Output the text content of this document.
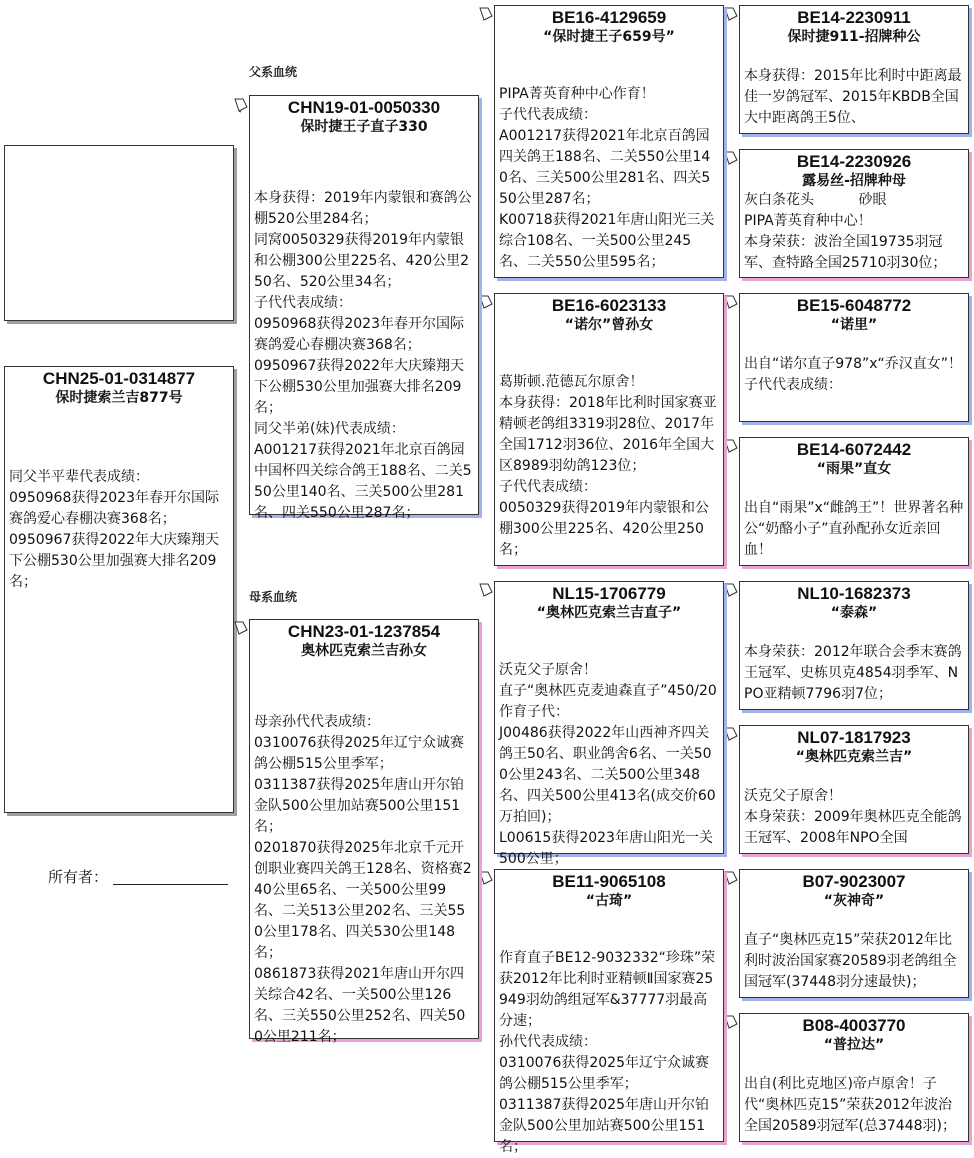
CHN25-01-0314877
保时捷索兰吉877号
同父半平辈代表成绩：
0950968获得2023年春开尔国际赛鸽爱心春棚决赛368名；
0950967获得2022年大庆臻翔天下公棚530公里加强赛大排名209名；
所有者：
父系血统
母系血统
CHN19-01-0050330
保时捷王子直子330
本身获得：2019年内蒙银和赛鸽公棚520公里284名；
同窝0050329获得2019年内蒙银和公棚300公里225名、420公里250名、520公里34名；
子代代表成绩：
0950968获得2023年春开尔国际赛鸽爱心春棚决赛368名；
0950967获得2022年大庆臻翔天下公棚530公里加强赛大排名209名；
同父半弟(妹)代表成绩：
A001217获得2021年北京百鸽园中国杯四关综合鸽王188名、二关550公里140名、三关500公里281名、四关550公里287名；
CHN23-01-1237854
奥林匹克索兰吉孙女
母亲孙代代表成绩：
0310076获得2025年辽宁众诚赛鸽公棚515公里季军；
0311387获得2025年唐山开尔铂金队500公里加站赛500公里151名；
0201870获得2025年北京千元开创职业赛四关鸽王128名、资格赛240公里65名、一关500公里99名、二关513公里202名、三关550公里178名、四关530公里148名；
0861873获得2021年唐山开尔四关综合42名、一关500公里126名、三关550公里252名、四关500公里211名；
BE16-4129659
“保时捷王子659号”
PIPA菁英育种中心作育！
子代代表成绩：
A001217获得2021年北京百鸽园四关鸽王188名、二关550公里140名、三关500公里281名、四关550公里287名；
K00718获得2021年唐山阳光三关综合108名、一关500公里245名、二关550公里595名；
BE16-6023133
“诺尔”曾孙女
葛斯顿.范德瓦尔原舍！
本身获得：2018年比利时国家赛亚精顿老鸽组3319羽28位、2017年全国1712羽36位、2016年全国大区8989羽幼鸽123位；
子代代表成绩：
0050329获得2019年内蒙银和公棚300公里225名、420公里250名；
NL15-1706779
“奥林匹克索兰吉直子”
沃克父子原舍！
直子“奥林匹克麦迪森直子”450/20作育子代：
J00486获得2022年山西神齐四关鸽王50名、职业鸽舍6名、一关500公里243名、二关500公里348名、四关500公里413名(成交价60万拍回)；
L00615获得2023年唐山阳光一关500公里；
BE11-9065108
“古琦”
作育直子BE12-9032332“珍珠”荣获2012年比利时亚精顿Ⅱ国家赛25949羽幼鸽组冠军&37777羽最高分速；
孙代代表成绩：
0310076获得2025年辽宁众诚赛鸽公棚515公里季军；
0311387获得2025年唐山开尔铂金队500公里加站赛500公里151名；
BE14-2230911
保时捷911-招牌种公
本身获得：2015年比利时中距离最佳一岁鸽冠军、2015年KBDB全国大中距离鸽王5位、
BE14-2230926
露易丝-招牌种母
灰白条花头          砂眼
PIPA菁英育种中心！
本身荣获：波治全国19735羽冠军、查特路全国25710羽30位；
BE15-6048772
“诺里”
出自“诺尔直子978”x“乔汉直女”！
子代代表成绩：
BE14-6072442
“雨果”直女
出自“雨果”x“雌鸽王”！世界著名种公“奶酪小子”直孙配孙女近亲回血！
NL10-1682373
“泰森”
本身荣获：2012年联合会季末赛鸽王冠军、史栋贝克4854羽季军、NPO亚精顿7796羽7位；
NL07-1817923
“奥林匹克索兰吉”
沃克父子原舍！
本身荣获：2009年奥林匹克全能鸽王冠军、2008年NPO全国
B07-9023007
“灰神奇”
直子“奥林匹克15”荣获2012年比利时波治国家赛20589羽老鸽组全国冠军(37448羽分速最快)；
B08-4003770
“普拉达”
出自(利比克地区)帝卢原舍！子代“奥林匹克15”荣获2012年波治全国20589羽冠军(总37448羽)；
